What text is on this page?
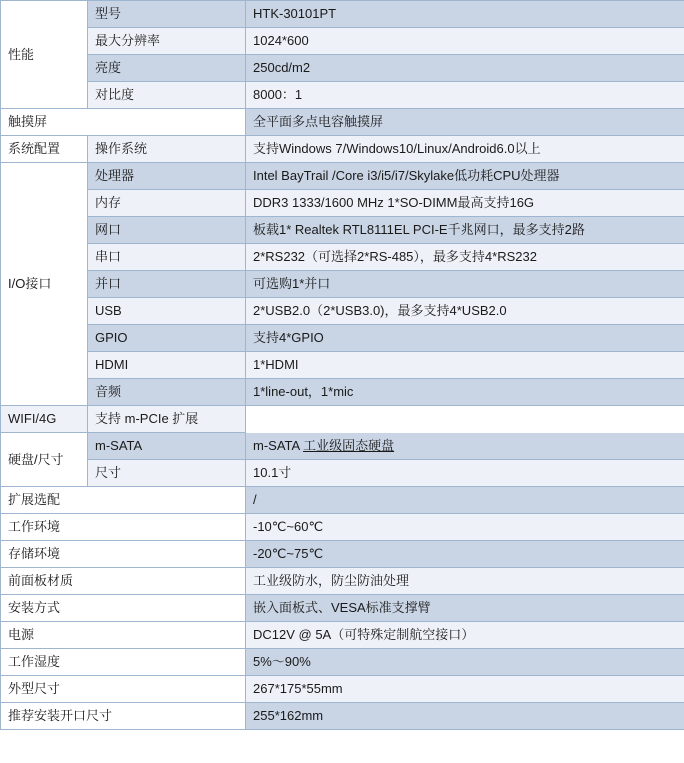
性能	型号	HTK-30101PT
	最大分辨率	1024*600
	亮度	250cd/m2
	对比度	8000：1
触摸屏		全平面多点电容触摸屏
系统配置	操作系统	支持Windows 7/Windows10/Linux/Android6.0以上
I/O接口	处理器	Intel BayTrail /Core i3/i5/i7/Skylake低功耗CPU处理器
	内存	DDR3 1333/1600 MHz 1*SO-DIMM最高支持16G
	网口	板载1* Realtek RTL8111EL PCI-E千兆网口，最多支持2路
	串口	2*RS232（可选择2*RS-485），最多支持4*RS232
	并口	可选购1*并口
	USB	2*USB2.0（2*USB3.0)，最多支持4*USB2.0
	GPIO	支持4*GPIO
	HDMI	1*HDMI
	音频	1*line-out，1*mic
WIFI/4G	支持 m-PCIe 扩展	
硬盘/尺寸	m-SATA	m-SATA 工业级固态硬盘
	尺寸	10.1寸
扩展选配		/
工作环境		-10℃~60℃
存储环境		-20℃~75℃
前面板材质		工业级防水，防尘防油处理
安装方式		嵌入面板式、VESA标准支撑臂
电源		DC12V @ 5A（可特殊定制航空接口）
工作湿度		5%～90%
外型尺寸		267*175*55mm
推荐安装开口尺寸		255*162mm
